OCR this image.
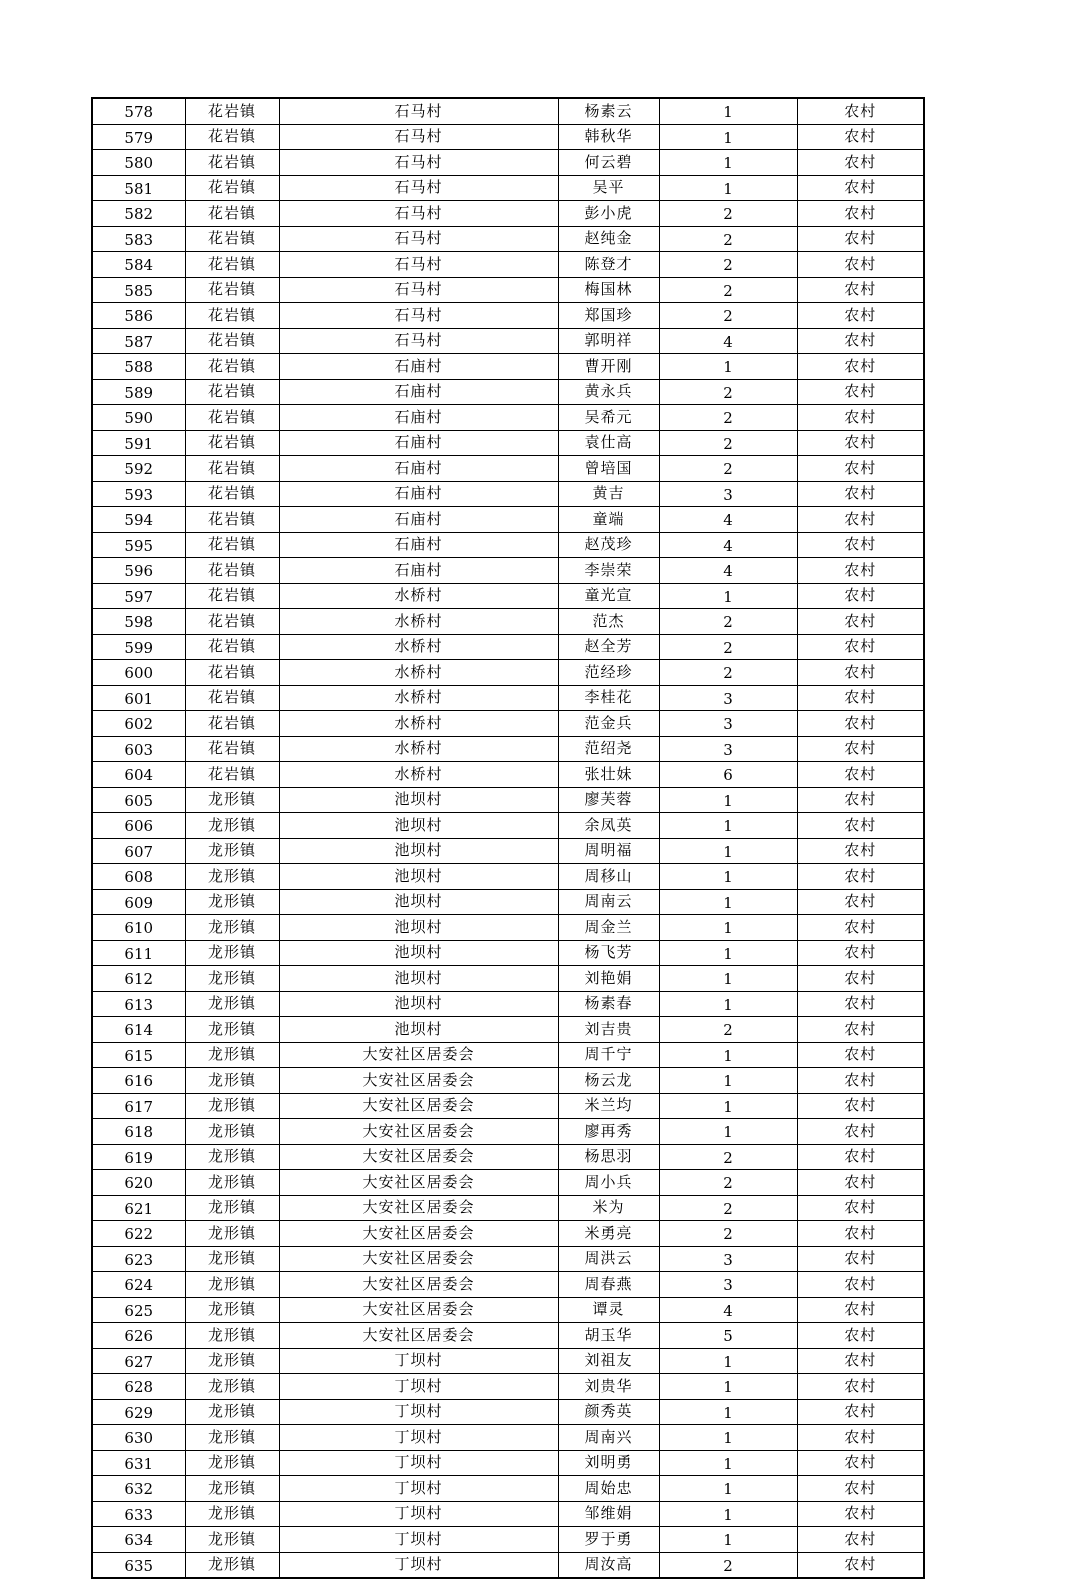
578	花岩镇	石马村	杨素云	1	农村
579	花岩镇	石马村	韩秋华	1	农村
580	花岩镇	石马村	何云碧	1	农村
581	花岩镇	石马村	吴平	1	农村
582	花岩镇	石马村	彭小虎	2	农村
583	花岩镇	石马村	赵纯金	2	农村
584	花岩镇	石马村	陈登才	2	农村
585	花岩镇	石马村	梅国林	2	农村
586	花岩镇	石马村	郑国珍	2	农村
587	花岩镇	石马村	郭明祥	4	农村
588	花岩镇	石庙村	曹开刚	1	农村
589	花岩镇	石庙村	黄永兵	2	农村
590	花岩镇	石庙村	吴希元	2	农村
591	花岩镇	石庙村	袁仕高	2	农村
592	花岩镇	石庙村	曾培国	2	农村
593	花岩镇	石庙村	黄吉	3	农村
594	花岩镇	石庙村	童端	4	农村
595	花岩镇	石庙村	赵茂珍	4	农村
596	花岩镇	石庙村	李崇荣	4	农村
597	花岩镇	水桥村	童光宣	1	农村
598	花岩镇	水桥村	范杰	2	农村
599	花岩镇	水桥村	赵全芳	2	农村
600	花岩镇	水桥村	范经珍	2	农村
601	花岩镇	水桥村	李桂花	3	农村
602	花岩镇	水桥村	范金兵	3	农村
603	花岩镇	水桥村	范绍尧	3	农村
604	花岩镇	水桥村	张壮妹	6	农村
605	龙形镇	池坝村	廖芙蓉	1	农村
606	龙形镇	池坝村	余凤英	1	农村
607	龙形镇	池坝村	周明福	1	农村
608	龙形镇	池坝村	周移山	1	农村
609	龙形镇	池坝村	周南云	1	农村
610	龙形镇	池坝村	周金兰	1	农村
611	龙形镇	池坝村	杨飞芳	1	农村
612	龙形镇	池坝村	刘艳娟	1	农村
613	龙形镇	池坝村	杨素春	1	农村
614	龙形镇	池坝村	刘吉贵	2	农村
615	龙形镇	大安社区居委会	周千宁	1	农村
616	龙形镇	大安社区居委会	杨云龙	1	农村
617	龙形镇	大安社区居委会	米兰均	1	农村
618	龙形镇	大安社区居委会	廖再秀	1	农村
619	龙形镇	大安社区居委会	杨思羽	2	农村
620	龙形镇	大安社区居委会	周小兵	2	农村
621	龙形镇	大安社区居委会	米为	2	农村
622	龙形镇	大安社区居委会	米勇亮	2	农村
623	龙形镇	大安社区居委会	周洪云	3	农村
624	龙形镇	大安社区居委会	周春燕	3	农村
625	龙形镇	大安社区居委会	谭灵	4	农村
626	龙形镇	大安社区居委会	胡玉华	5	农村
627	龙形镇	丁坝村	刘祖友	1	农村
628	龙形镇	丁坝村	刘贵华	1	农村
629	龙形镇	丁坝村	颜秀英	1	农村
630	龙形镇	丁坝村	周南兴	1	农村
631	龙形镇	丁坝村	刘明勇	1	农村
632	龙形镇	丁坝村	周始忠	1	农村
633	龙形镇	丁坝村	邹维娟	1	农村
634	龙形镇	丁坝村	罗于勇	1	农村
635	龙形镇	丁坝村	周汝高	2	农村
